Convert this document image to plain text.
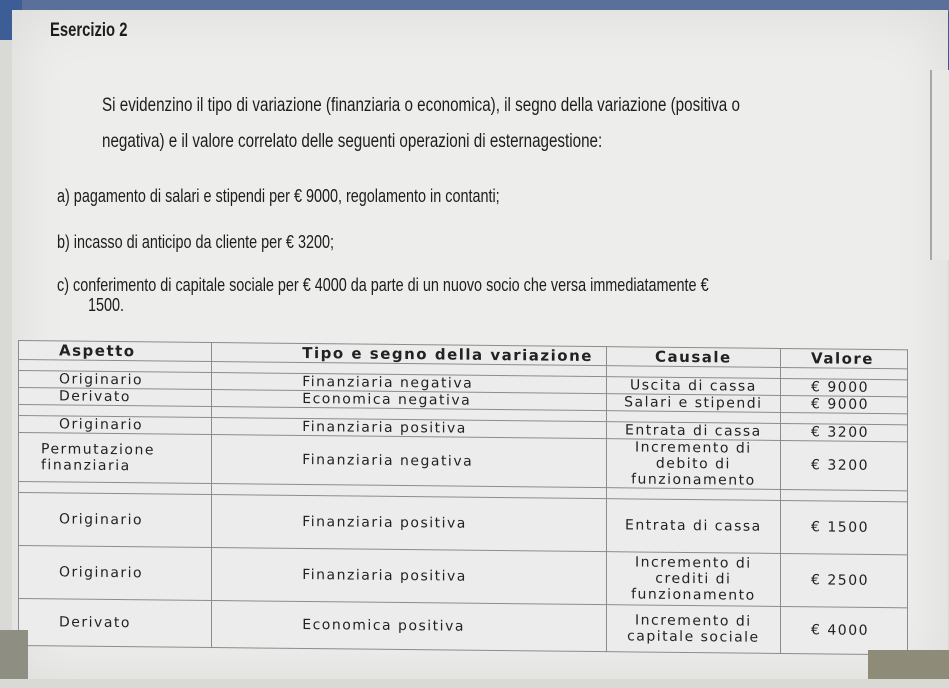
Esercizio 2
Si evidenzino il tipo di variazione (finanziaria o economica), il segno della variazione (positiva o
negativa) e il valore correlato delle seguenti operazioni di esternagestione:
a) pagamento di salari e stipendi per € 9000, regolamento in contanti;
b) incasso di anticipo da cliente per € 3200;
c) conferimento di capitale sociale per € 4000 da parte di un nuovo socio che versa immediatamente €
1500.
Aspetto	Tipo e segno della variazione	Causale	Valore

Originario	Finanziaria negativa	Uscita di cassa	€ 9000
Derivato	Economica negativa	Salari e stipendi	€ 9000

Originario	Finanziaria positiva	Entrata di cassa	€ 3200
Permutazione finanziaria	Finanziaria negativa	Incremento di debito di funzionamento	€ 3200

Originario	Finanziaria positiva	Entrata di cassa	€ 1500
Originario	Finanziaria positiva	Incremento di crediti di funzionamento	€ 2500
Derivato	Economica positiva	Incremento di capitale sociale	€ 4000
